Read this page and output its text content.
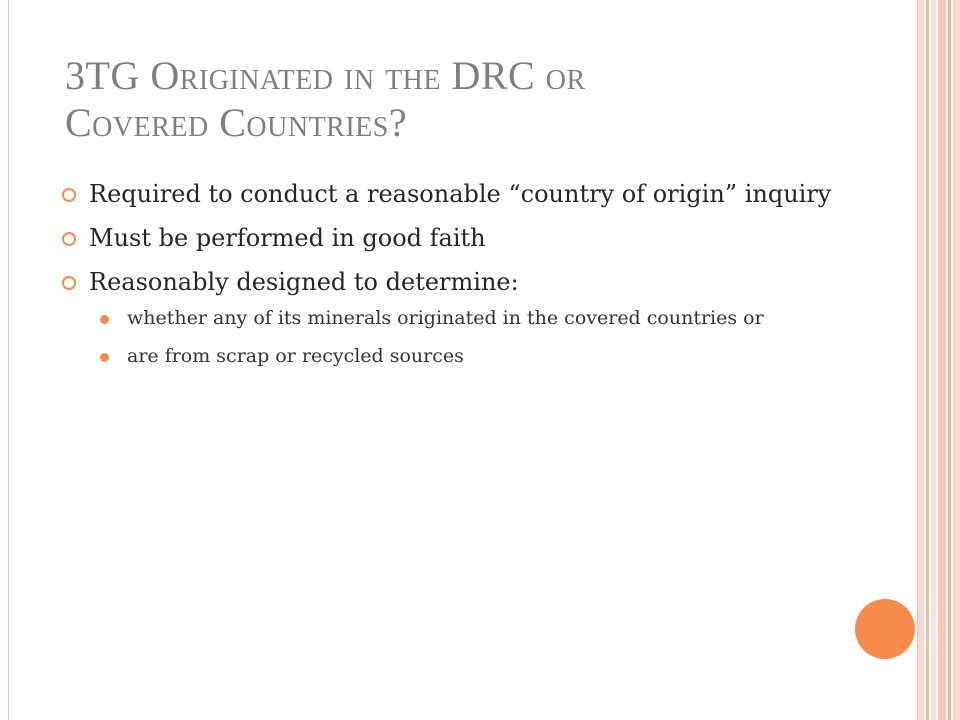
3TG Originated in the DRC or
Covered Countries?
Required to conduct a reasonable “country of origin” inquiry
Must be performed in good faith
Reasonably designed to determine:
whether any of its minerals originated in the covered countries or
are from scrap or recycled sources
